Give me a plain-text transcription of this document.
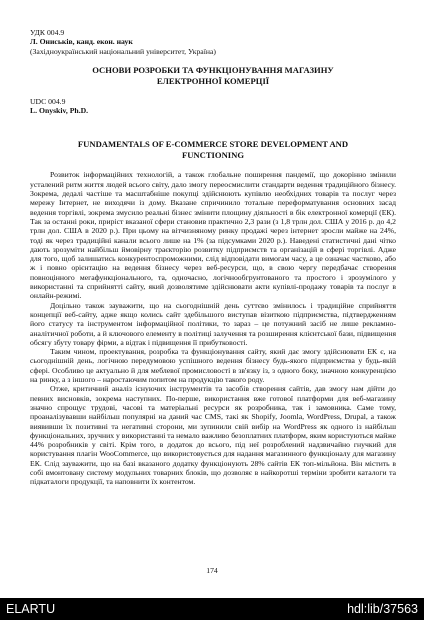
УДК 004.9

Л. Ониськів, канд. екон. наук

(Західноукраїнський національний університет, Україна)

ОСНОВИ РОЗРОБКИ ТА ФУНКЦІОНУВАННЯ МАГАЗИНУ
ЕЛЕКТРОННОЇ КОМЕРЦІЇ

UDC 004.9

L. Onyskiv, Ph.D.

FUNDAMENTALS OF E-COMMERCE STORE DEVELOPMENT AND
FUNCTIONING

Розвиток інформаційних технологій, а також глобальне поширення пандемії, що докорінно змінили усталений ритм життя людей всього світу, дало змогу переосмислити стандарти ведення традиційного бізнесу. Зокрема, дедалі частіше та масштабніше покупці здійснюють купівлю необхідних товарів та послуг через мережу Інтернет, не виходячи із дому. Вказане спричинило тотальне переформатування основних засад ведення торгівлі, зокрема змусило реальні бізнес змінити площину діяльності в бік електронної комерції (ЕК). Так за останні роки, приріст вказаної сфери становив практично 2,3 рази (з 1,8 трлн дол. США у 2016 р. до 4,2 трлн дол. США в 2020 р.). При цьому на вітчизняному ринку продажі через інтернет зросли майже на 24%, тоді як через традиційні канали всього лише на 1% (за підсумками 2020 р.). Наведені статистичні дані чітко дають зрозуміти найбільш ймовірну траєкторію розвитку підприємств та організацій в сфері торгівлі. Адже для того, щоб залишатись конкурентоспроможними, слід відповідати вимогам часу, а це означає частково, або ж і повно орієнтацію на ведення бізнесу через веб-ресурси, що, в свою чергу передбачає створення повноцінного мегафункціонального, та, одночасно, логічнообгрунтованого та простого і зрозумілого у використанні та сприйнятті сайту, який дозволятиме здійснювати акти купівлі-продажу товарів та послуг в онлайн-режимі.

Доцільно також зауважити, що на сьогоднішній день суттєво змінилось і традиційне сприйняття концепції веб-сайту, адже якщо колись сайт здебільшого виступав візиткою підприємства, підтвердженням його статусу та інструментом інформаційної політики, то зараз – це потужний засіб не лише рекламно-аналітичної роботи, а й ключового елементу в політиці залучення та розширення клієнтської бази, підвищення обсягу збуту товару фірми, а відтак і підвищення її прибутковості.

Таким чином, проектування, розробка та функціонування сайту, який дає змогу здійснювати ЕК є, на сьогоднішній день, логічною передумовою успішного ведення бізнесу будь-якого підприємства у будь-якій сфері. Особливо це актуально й для меблевої промисловості в зв'язку із, з одного боку, значною конкуренцією на ринку, а з іншого – наростаючим попитом на продукцію такого роду.

Отже, критичний аналіз існуючих інструментів та засобів створення сайтів, дав змогу нам дійти до певних висновків, зокрема наступних. По-перше, використання вже готової платформи для веб-магазину значно спрощує трудові, часові та матеріальні ресурси як розробника, так і замовника. Саме тому, проаналізувавши найбільш популярні на даний час CMS, такі як Shopify, Joomla, WordPress, Drupal, а також виявивши їх позитивні та негативні сторони, ми зупинили свій вибір на WordPress як одного із найбільш функціональних, зручних у використанні та немало важливо безоплатних платформ, яким користуються майже 44% розробників у світі. Крім того, в додаток до всього, під неї розроблений надзвичайно гнучкий для користування плагін WooCommerce, що використовується для надання магазинного функціоналу для магазину ЕК. Слід зауважити, що на базі вказаного додатку функціонують 28% сайтів ЕК топ-мільйона. Він містить в собі вмонтовану систему модульних товарних блоків, що дозволяє в найкоротші терміни зробити каталоги та підкаталоги продукції, та наповнити їх контентом.

174
ELARTU	hdl:lib/37563
